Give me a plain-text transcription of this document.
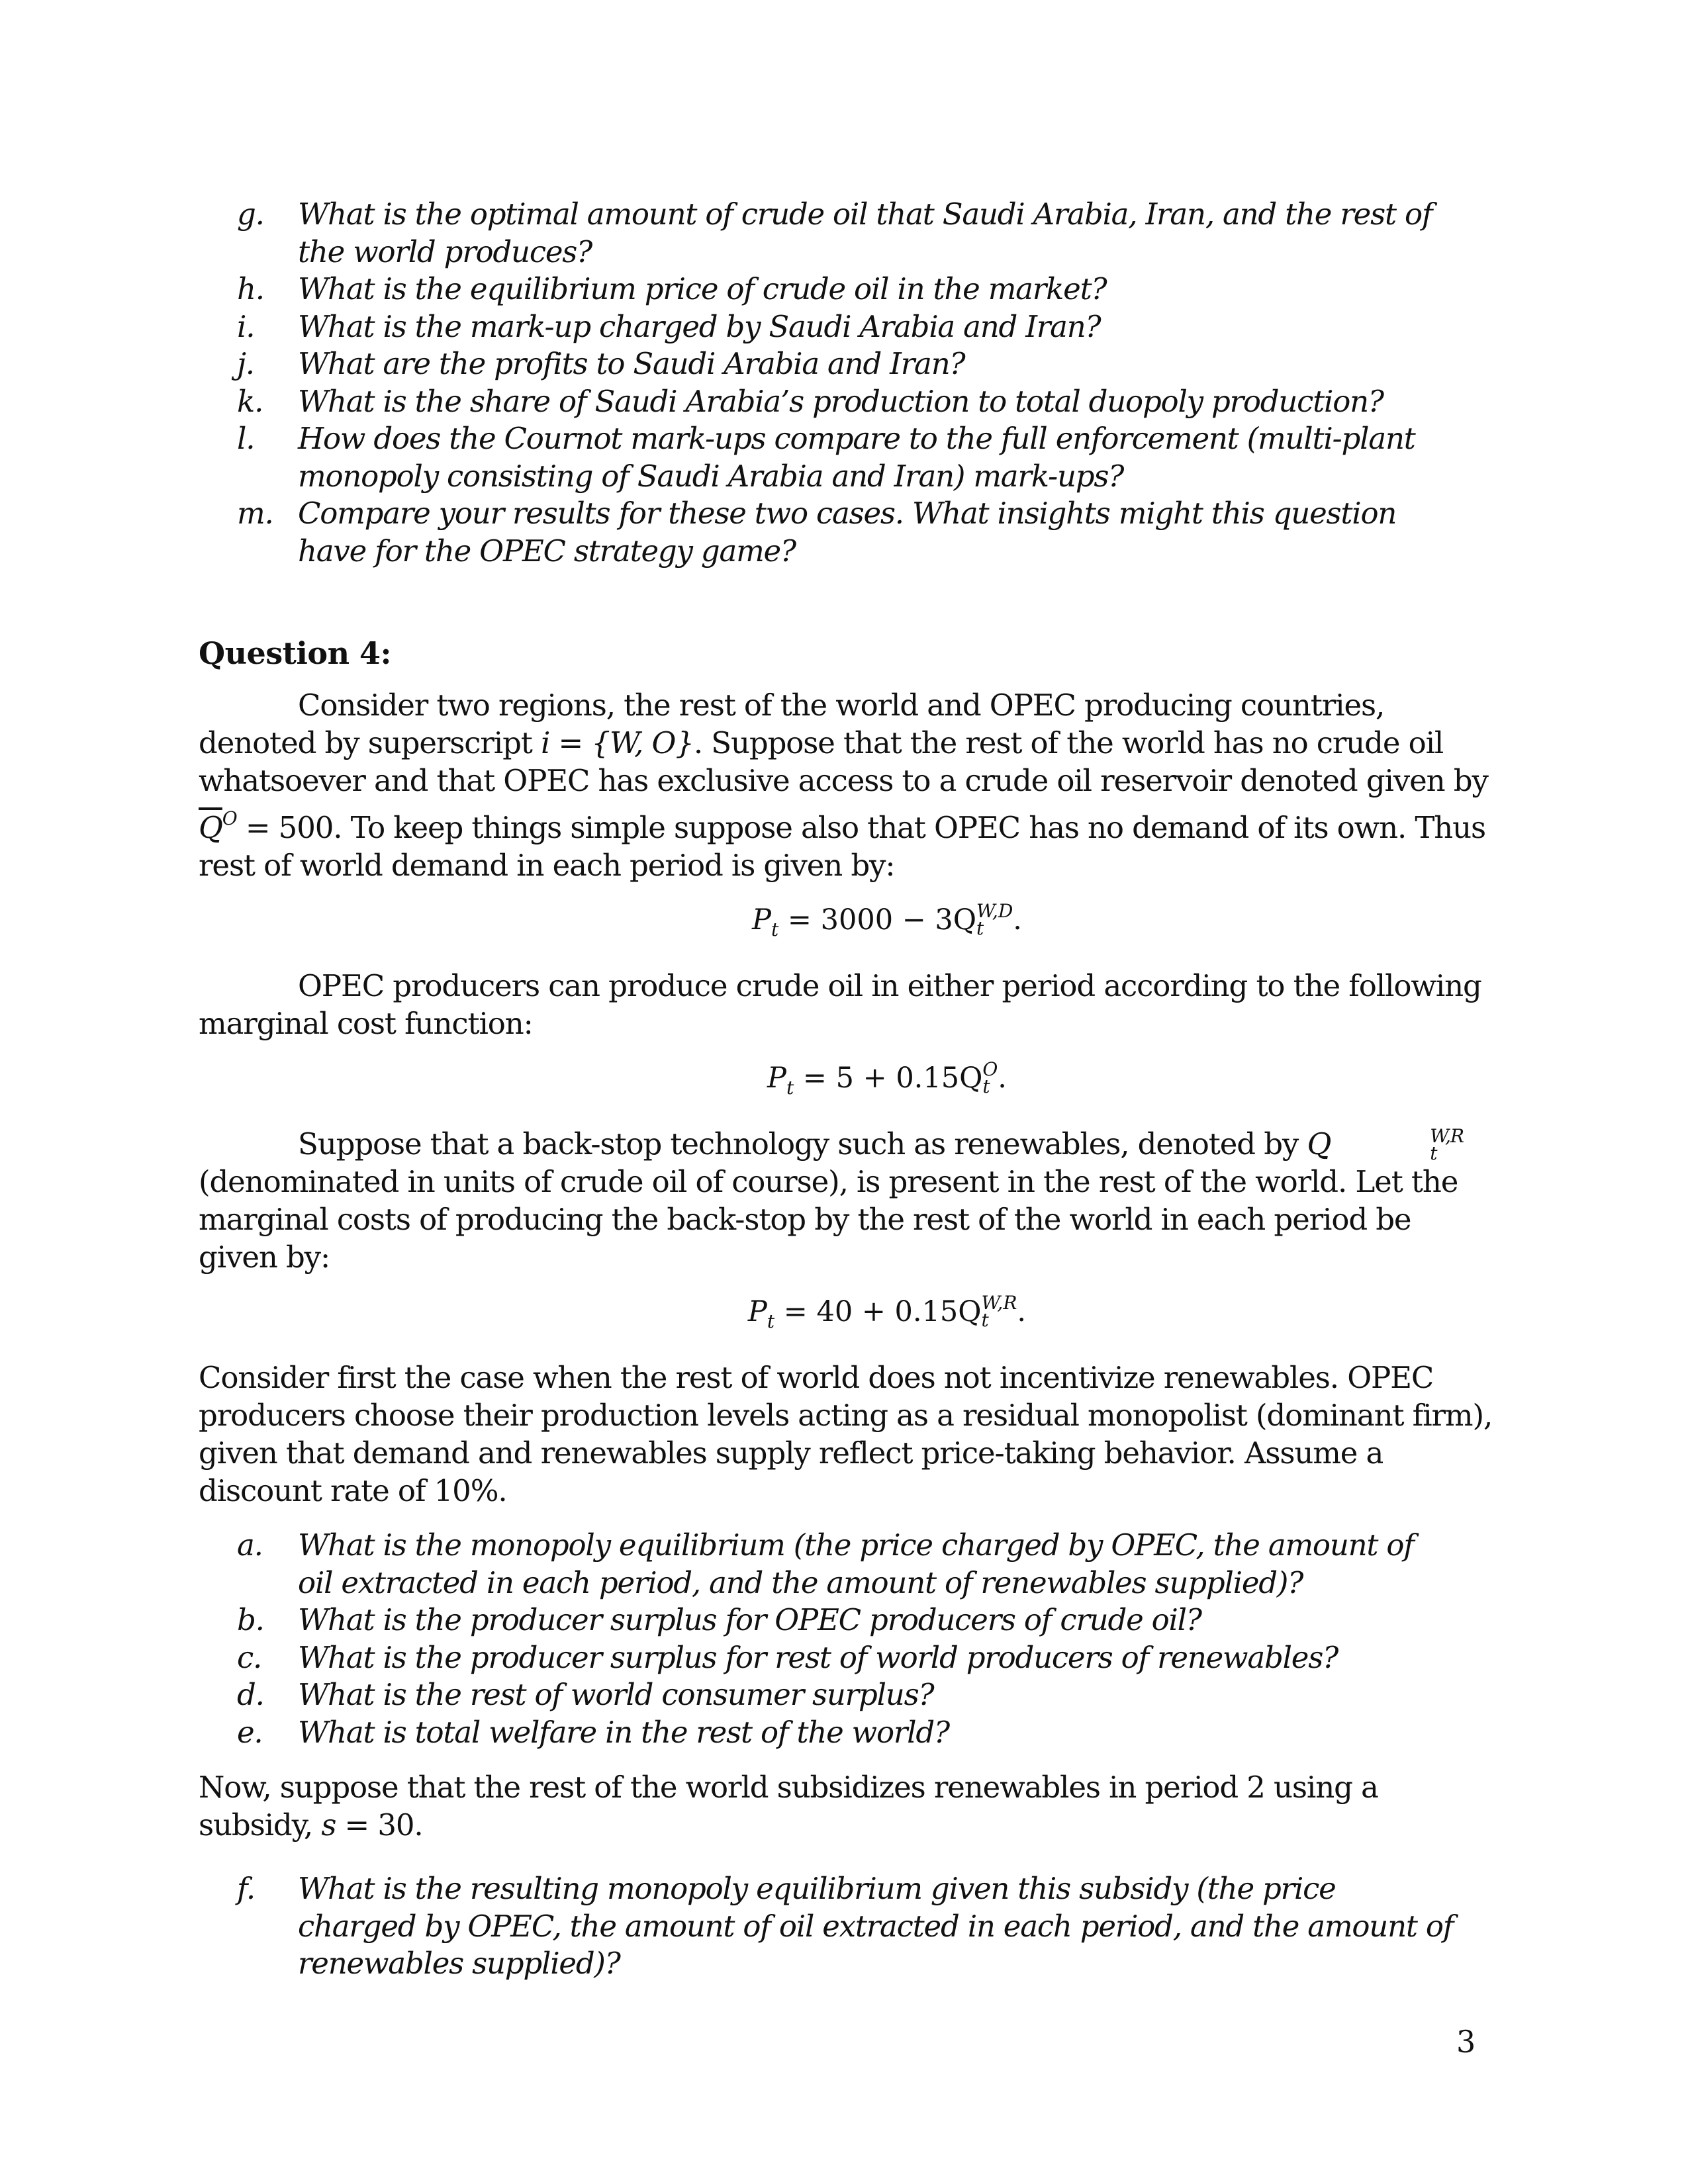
g.	What is the optimal amount of crude oil that Saudi Arabia, Iran, and the rest of the world produces?
h.	What is the equilibrium price of crude oil in the market?
i.	What is the mark-up charged by Saudi Arabia and Iran?
j.	What are the profits to Saudi Arabia and Iran?
k.	What is the share of Saudi Arabia’s production to total duopoly production?
l.	How does the Cournot mark-ups compare to the full enforcement (multi-plant monopoly consisting of Saudi Arabia and Iran) mark-ups?
m. Compare your results for these two cases. What insights might this question have for the OPEC strategy game?
Question 4:

Consider two regions, the rest of the world and OPEC producing countries, denoted by superscript i = {W, O}. Suppose that the rest of the world has no crude oil whatsoever and that OPEC has exclusive access to a crude oil reservoir denoted given by $\overline{Q}^O = 500$. To keep things simple suppose also that OPEC has no demand of its own. Thus rest of world demand in each period is given by:

$P_t = 3000 - 3Q$ W,D
t	.

OPEC producers can produce crude oil in either period according to the following marginal cost function:

$P_t = 5 + 0.15Q$ O
t .

Suppose that a back-stop technology such as renewables, denoted by Q	W,R
t
(denominated in units of crude oil of course), is present in the rest of the world. Let the marginal costs of producing the back-stop by the rest of the world in each period be given by:

$P_t = 40 + 0.15Q$ W,R
t .

Consider first the case when the rest of world does not incentivize renewables. OPEC producers choose their production levels acting as a residual monopolist (dominant firm), given that demand and renewables supply reflect price-taking behavior. Assume a discount rate of 10%.

a.	What is the monopoly equilibrium (the price charged by OPEC, the amount of oil extracted in each period, and the amount of renewables supplied)?
b.	What is the producer surplus for OPEC producers of crude oil?
c.	What is the producer surplus for rest of world producers of renewables?
d.	What is the rest of world consumer surplus?
e.	What is total welfare in the rest of the world?

Now, suppose that the rest of the world subsidizes renewables in period 2 using a subsidy, s = 30.

f.	What is the resulting monopoly equilibrium given this subsidy (the price charged by OPEC, the amount of oil extracted in each period, and the amount of renewables supplied)?
3
